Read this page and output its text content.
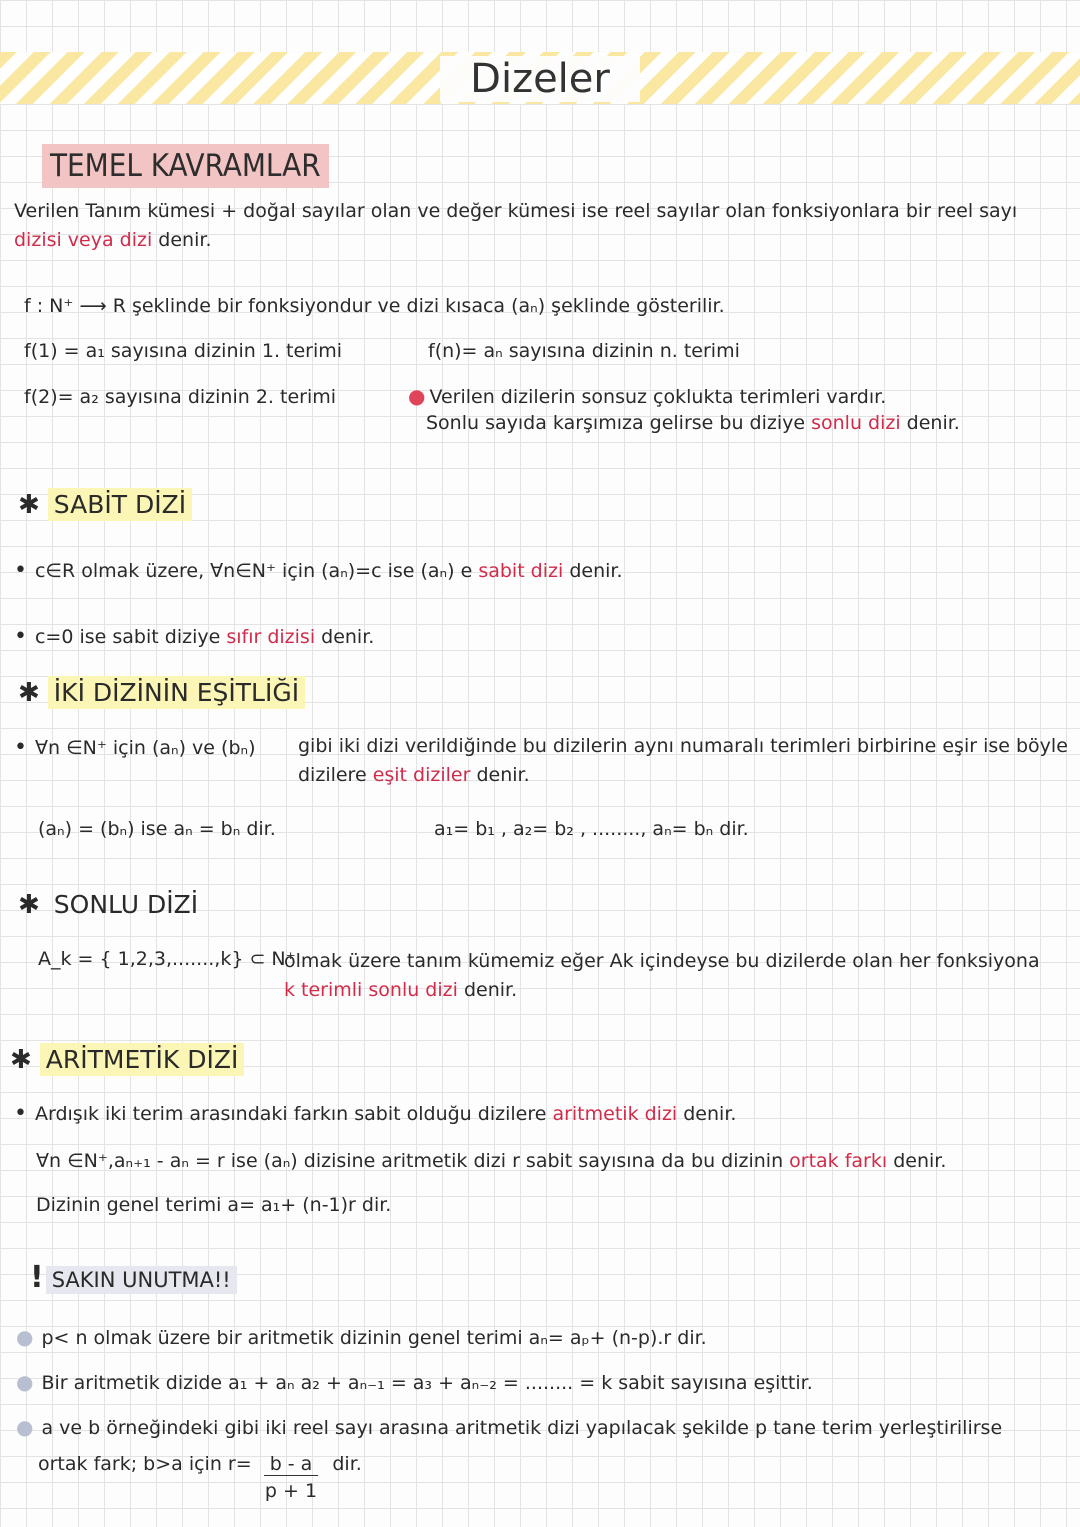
Dizeler
TEMEL KAVRAMLAR
Verilen Tanım kümesi + doğal sayılar olan ve değer kümesi ise reel sayılar olan fonksiyonlara bir reel sayı
dizisi veya dizi denir.
f : N⁺ ⟶ R şeklinde bir fonksiyondur ve dizi kısaca (aₙ) şeklinde gösterilir.
f(1) = a₁ sayısına dizinin 1. terimi
f(2)= a₂ sayısına dizinin 2. terimi
f(n)= aₙ sayısına dizinin n. terimi
● Verilen dizilerin sonsuz çoklukta terimleri vardır.
Sonlu sayıda karşımıza gelirse bu diziye sonlu dizi denir.
✱ SABİT DİZİ
• c∈R olmak üzere, ∀n∈N⁺ için (aₙ)=c ise (aₙ) e sabit dizi denir.
• c=0 ise sabit diziye sıfır dizisi denir.
✱ İKİ DİZİNİN EŞİTLİĞİ
• ∀n ∈N⁺ için (aₙ) ve (bₙ) gibi iki dizi verildiğinde bu dizilerin aynı numaralı terimleri birbirine eşir ise böyle
dizilere eşit diziler denir.
(aₙ) = (bₙ) ise aₙ = bₙ dir.	a₁= b₁ , a₂= b₂ , ........, aₙ= bₙ dir.
✱ SONLU DİZİ
A_k = { 1,2,3,.......,k} ⊂ N⁺
olmak üzere tanım kümemiz eğer Ak içindeyse bu dizilerde olan her fonksiyona
k terimli sonlu dizi denir.
✱ ARİTMETİK DİZİ
• Ardışık iki terim arasındaki farkın sabit olduğu dizilere aritmetik dizi denir.
∀n ∈N⁺,aₙ₊₁ - aₙ = r ise (aₙ) dizisine aritmetik dizi r sabit sayısına da bu dizinin ortak farkı denir.
Dizinin genel terimi a= a₁+ (n-1)r dir.
! SAKIN UNUTMA!!
● p< n olmak üzere bir aritmetik dizinin genel terimi aₙ= aₚ+ (n-p).r dir.
● Bir aritmetik dizide a₁ + aₙ a₂ + aₙ₋₁ = a₃ + aₙ₋₂ = ........ = k sabit sayısına eşittir.
● a ve b örneğindeki gibi iki reel sayı arasına aritmetik dizi yapılacak şekilde p tane terim yerleştirilirse
ortak fark; b>a için $r= \frac{b - a}{p + 1}$ dir.
